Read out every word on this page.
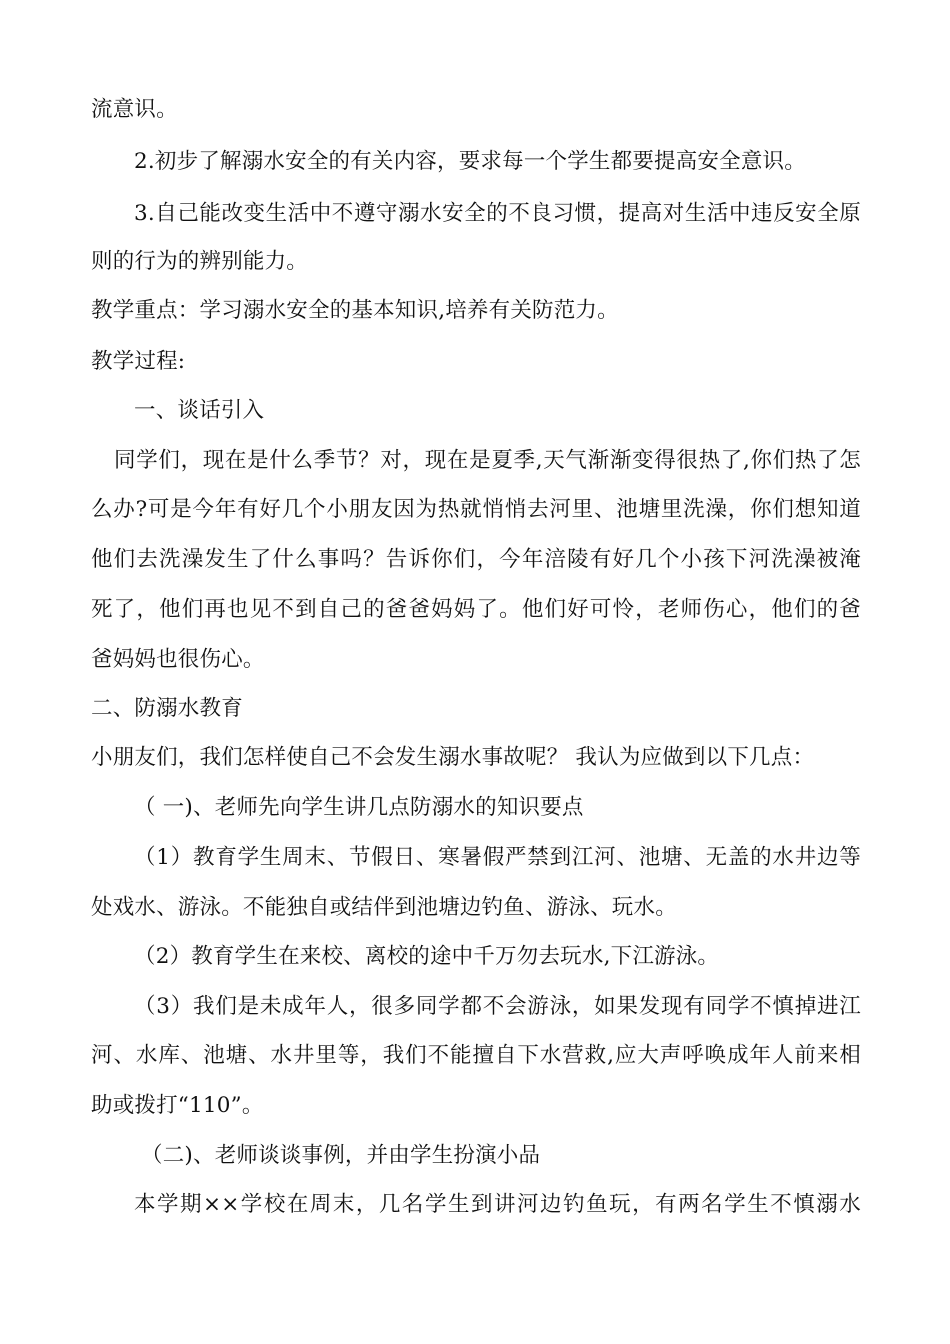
流意识。
2.初步了解溺水安全的有关内容，要求每一个学生都要提高安全意识。
3.自己能改变生活中不遵守溺水安全的不良习惯，提高对生活中违反安全原
则的行为的辨别能力。
教学重点：学习溺水安全的基本知识,培养有关防范力。
教学过程:
一、谈话引入
同学们，现在是什么季节？对，现在是夏季,天气渐渐变得很热了,你们热了怎
么办?可是今年有好几个小朋友因为热就悄悄去河里、池塘里洗澡，你们想知道
他们去洗澡发生了什么事吗？告诉你们，今年涪陵有好几个小孩下河洗澡被淹
死了，他们再也见不到自己的爸爸妈妈了。他们好可怜，老师伤心，他们的爸
爸妈妈也很伤心。
二、防溺水教育
小朋友们，我们怎样使自己不会发生溺水事故呢？ 我认为应做到以下几点：
（ 一)、老师先向学生讲几点防溺水的知识要点
（1）教育学生周末、节假日、寒暑假严禁到江河、池塘、无盖的水井边等
处戏水、游泳。不能独自或结伴到池塘边钓鱼、游泳、玩水。
（2）教育学生在来校、离校的途中千万勿去玩水,下江游泳。
（3）我们是未成年人，很多同学都不会游泳，如果发现有同学不慎掉进江
河、水库、池塘、水井里等，我们不能擅自下水营救,应大声呼唤成年人前来相
助或拨打“110”。
（二)、老师谈谈事例，并由学生扮演小品
本学期××学校在周末，几名学生到讲河边钓鱼玩，有两名学生不慎溺水
